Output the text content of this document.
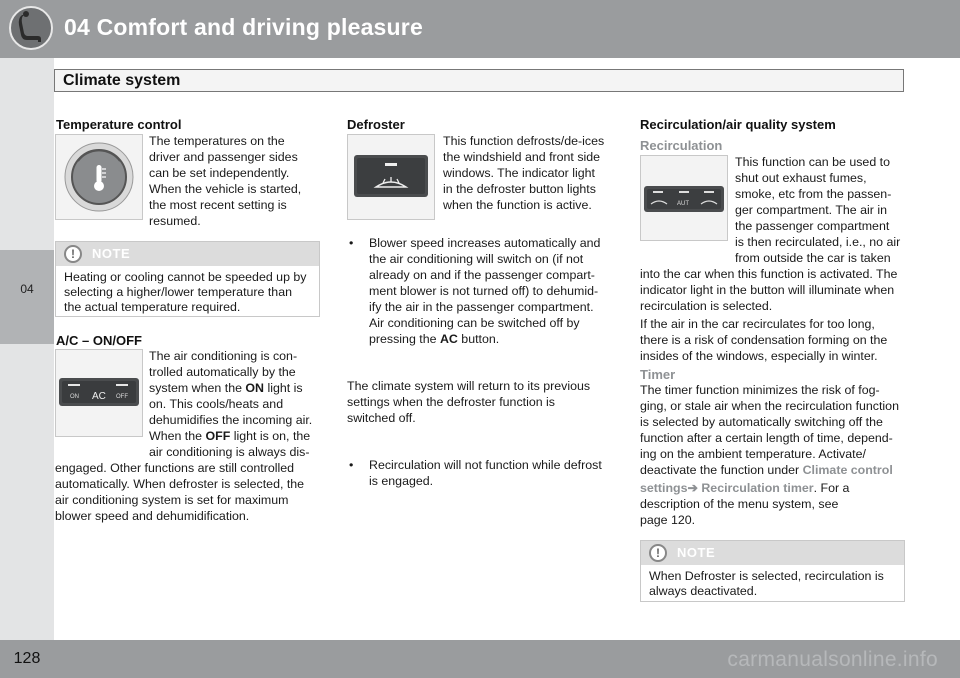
04 Comfort and driving pleasure
04
Climate system
Temperature control
The temperatures on the
driver and passenger sides
can be set independently.
When the vehicle is started,
the most recent setting is
resumed.
!	NOTE
Heating or cooling cannot be speeded up by
selecting a higher/lower temperature than
the actual temperature required.
A/C – ON/OFF
ON AC OFF
The air conditioning is con-
trolled automatically by the
system when the ON light is
on. This cools/heats and
dehumidifies the incoming air.
When the OFF light is on, the
air conditioning is always dis-
engaged. Other functions are still controlled
automatically. When defroster is selected, the
air conditioning system is set for maximum
blower speed and dehumidification.
Defroster
This function defrosts/de-ices
the windshield and front side
windows. The indicator light
in the defroster button lights
when the function is active.
• Blower speed increases automatically and
the air conditioning will switch on (if not
already on and if the passenger compart-
ment blower is not turned off) to dehumid-
ify the air in the passenger compartment.
Air conditioning can be switched off by
pressing the AC button.
• Recirculation will not function while defrost
is engaged.
The climate system will return to its previous
settings when the defroster function is
switched off.
Recirculation/air quality system
Recirculation
AUT
This function can be used to
shut out exhaust fumes,
smoke, etc from the passen-
ger compartment. The air in
the passenger compartment
is then recirculated, i.e., no air
from outside the car is taken
into the car when this function is activated. The
indicator light in the button will illuminate when
recirculation is selected.
If the air in the car recirculates for too long,
there is a risk of condensation forming on the
insides of the windows, especially in winter.
Timer
The timer function minimizes the risk of fog-
ging, or stale air when the recirculation function
is selected by automatically switching off the
function after a certain length of time, depend-
ing on the ambient temperature. Activate/
deactivate the function under Climate control
settings➔ Recirculation timer. For a
description of the menu system, see
page 120.
!	NOTE
When Defroster is selected, recirculation is
always deactivated.
128	carmanualsonline.info
